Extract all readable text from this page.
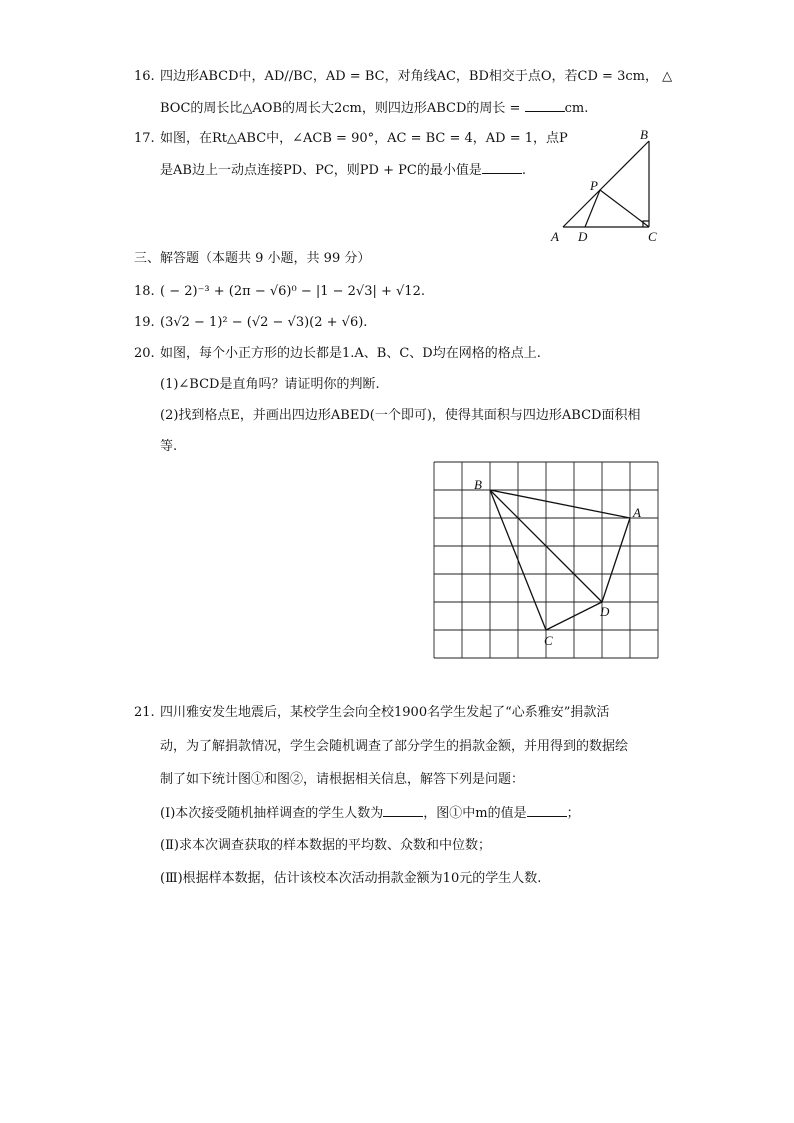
16. 四边形ABCD中，AD//BC，AD = BC，对角线AC，BD相交于点O，若CD = 3cm， △
BOC的周长比△AOB的周长大2cm，则四边形ABCD的周长 =	cm.
17. 如图，在Rt△ABC中，∠ACB = 90°，AC = BC = 4，AD = 1，点P
是AB边上一动点连接PD、PC，则PD + PC的最小值是	.
B
P
A D	C
三、解答题（本题共 9 小题，共 99 分）
18. ( − 2)⁻³ + (2π − √6)⁰ − |1 − 2√3| + √12.
19. (3√2 − 1)² − (√2 − √3)(2 + √6).
20. 如图，每个小正方形的边长都是1.A、B、C、D均在网格的格点上.
(1)∠BCD是直角吗？请证明你的判断.
(2)找到格点E，并画出四边形ABED(一个即可)，使得其面积与四边形ABCD面积相
等.
B
A
D
C
21. 四川雅安发生地震后，某校学生会向全校1900名学生发起了“心系雅安”捐款活
动，为了解捐款情况，学生会随机调查了部分学生的捐款金额，并用得到的数据绘
制了如下统计图①和图②，请根据相关信息，解答下列是问题：
(Ⅰ)本次接受随机抽样调查的学生人数为	，图①中m的值是	；
(Ⅱ)求本次调查获取的样本数据的平均数、众数和中位数；
(Ⅲ)根据样本数据，估计该校本次活动捐款金额为10元的学生人数.
